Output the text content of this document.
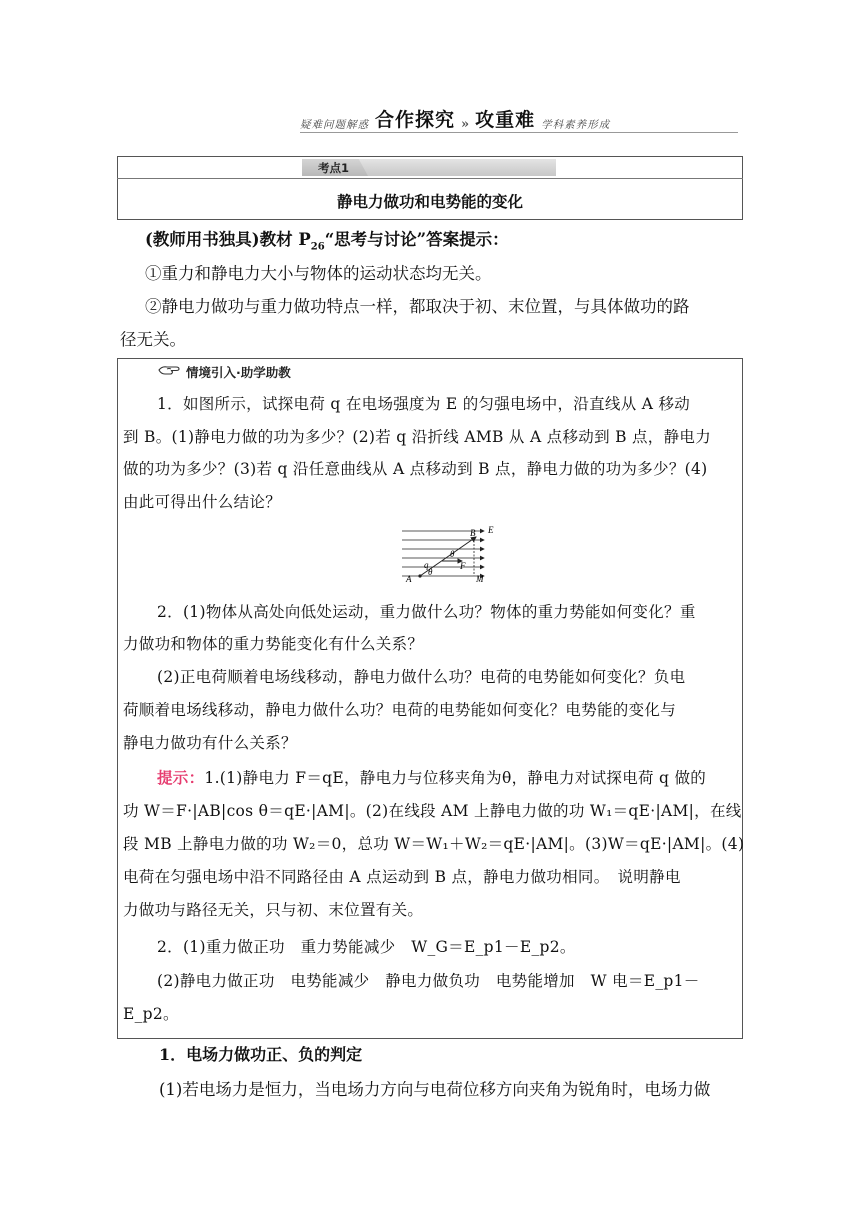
疑难问题解惑 合作探究 » 攻重难 学科素养形成
考点1
静电力做功和电势能的变化
(教师用书独具)教材 $P_{26}“$思考与讨论”答案提示：
①重力和静电力大小与物体的运动状态均无关。
②静电力做功与重力做功特点一样，都取决于初、末位置，与具体做功的路
径无关。
情境引入·助学助教
1．如图所示，试探电荷 q 在电场强度为 E 的匀强电场中，沿直线从 A 移动
到 B。(1)静电力做的功为多少？(2)若 q 沿折线 AMB 从 A 点移动到 B 点，静电力
做的功为多少？(3)若 q 沿任意曲线从 A 点移动到 B 点，静电力做的功为多少？(4)
由此可得出什么结论？
E
B
A	M
q	F
θ
θ
2．(1)物体从高处向低处运动，重力做什么功？物体的重力势能如何变化？重
力做功和物体的重力势能变化有什么关系？
(2)正电荷顺着电场线移动，静电力做什么功？电荷的电势能如何变化？负电
荷顺着电场线移动，静电力做什么功？电荷的电势能如何变化？电势能的变化与
静电力做功有什么关系？
提示：1.(1)静电力 F＝qE，静电力与位移夹角为θ，静电力对试探电荷 q 做的
功 W＝F·|AB|cos θ＝qE·|AM|。(2)在线段 AM 上静电力做的功 W₁＝qE·|AM|，在线
段 MB 上静电力做的功 W₂＝0，总功 W＝W₁＋W₂＝qE·|AM|。(3)W＝qE·|AM|。(4)
电荷在匀强电场中沿不同路径由 A 点运动到 B 点，静电力做功相同。　说明静电
力做功与路径无关，只与初、末位置有关。
2．(1)重力做正功　重力势能减少　W_G＝E_p1－E_p2。
(2)静电力做正功　电势能减少　静电力做负功　电势能增加　W 电＝E_p1－
E_p2。
1．电场力做功正、负的判定
(1)若电场力是恒力，当电场力方向与电荷位移方向夹角为锐角时，电场力做
